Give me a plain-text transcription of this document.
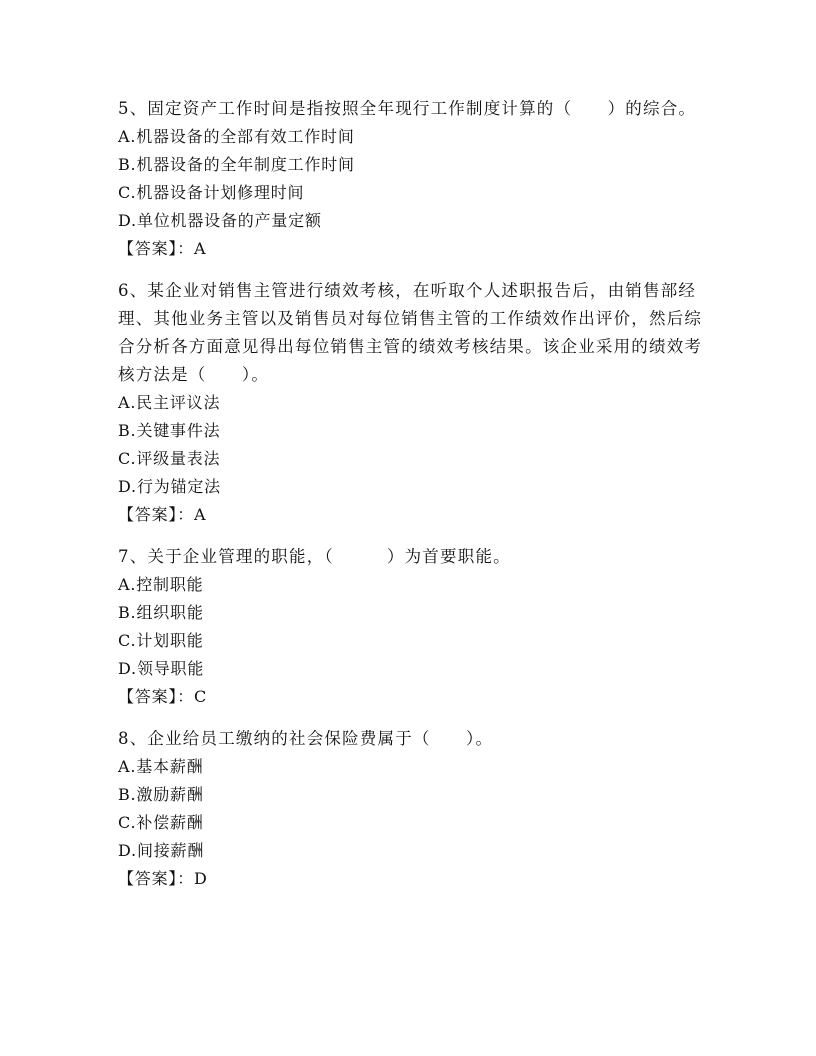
5、固定资产工作时间是指按照全年现行工作制度计算的（　　）的综合。

A.机器设备的全部有效工作时间

B.机器设备的全年制度工作时间

C.机器设备计划修理时间

D.单位机器设备的产量定额

【答案】：A

6、某企业对销售主管进行绩效考核，在听取个人述职报告后，由销售部经理、其他业务主管以及销售员对每位销售主管的工作绩效作出评价，然后综合分析各方面意见得出每位销售主管的绩效考核结果。该企业采用的绩效考核方法是（　　）。

A.民主评议法

B.关键事件法

C.评级量表法

D.行为锚定法

【答案】：A

7、关于企业管理的职能，（　　　）为首要职能。

A.控制职能

B.组织职能

C.计划职能

D.领导职能

【答案】：C

8、企业给员工缴纳的社会保险费属于（　　）。

A.基本薪酬

B.激励薪酬

C.补偿薪酬

D.间接薪酬

【答案】：D
